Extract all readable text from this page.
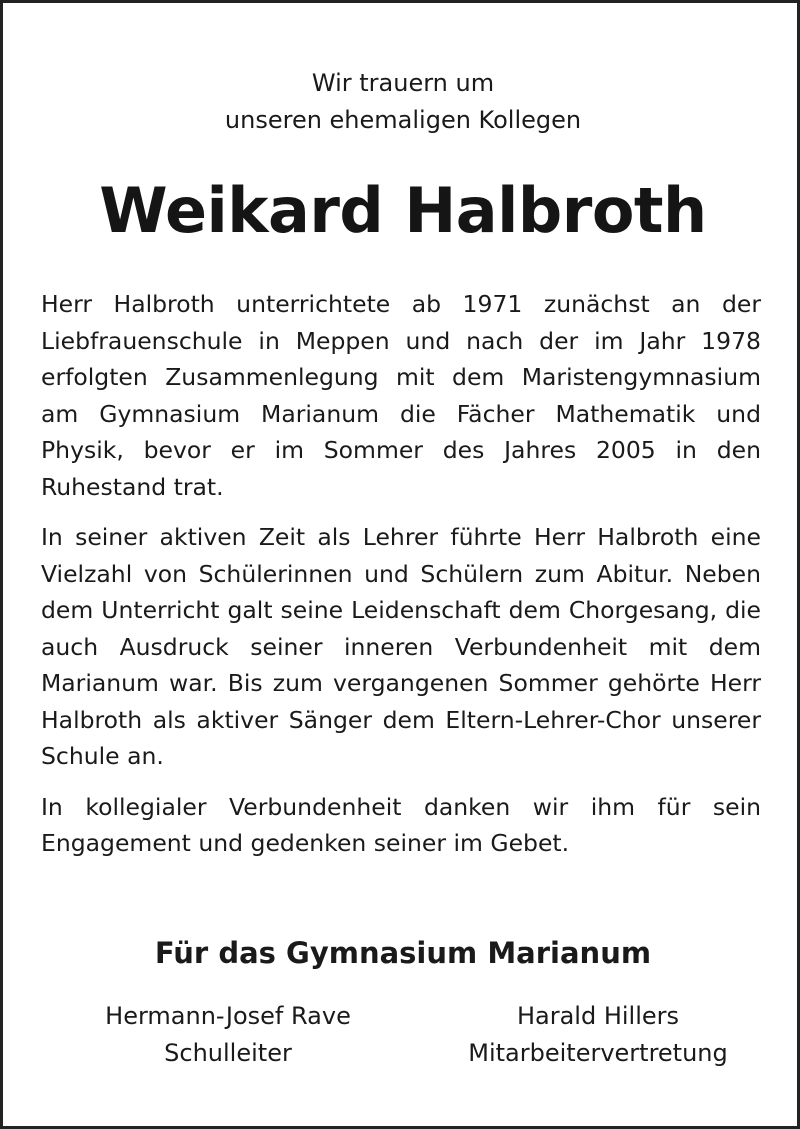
Wir trauern um
unseren ehemaligen Kollegen
Weikard Halbroth

Herr Halbroth unterrichtete ab 1971 zunächst an der Liebfrauenschule in Meppen und nach der im Jahr 1978 erfolgten Zusammenlegung mit dem Maristengymnasium am Gymnasium Marianum die Fächer Mathematik und Physik, bevor er im Sommer des Jahres 2005 in den Ruhestand trat.

In seiner aktiven Zeit als Lehrer führte Herr Halbroth eine Vielzahl von Schülerinnen und Schülern zum Abitur. Neben dem Unterricht galt seine Leidenschaft dem Chorgesang, die auch Ausdruck seiner inneren Verbundenheit mit dem Marianum war. Bis zum vergangenen Sommer gehörte Herr Halbroth als aktiver Sänger dem Eltern-Lehrer-Chor unserer Schule an.

In kollegialer Verbundenheit danken wir ihm für sein Engagement und gedenken seiner im Gebet.

Für das Gymnasium Marianum
Hermann-Josef Rave
Schulleiter
Harald Hillers
Mitarbeitervertretung
